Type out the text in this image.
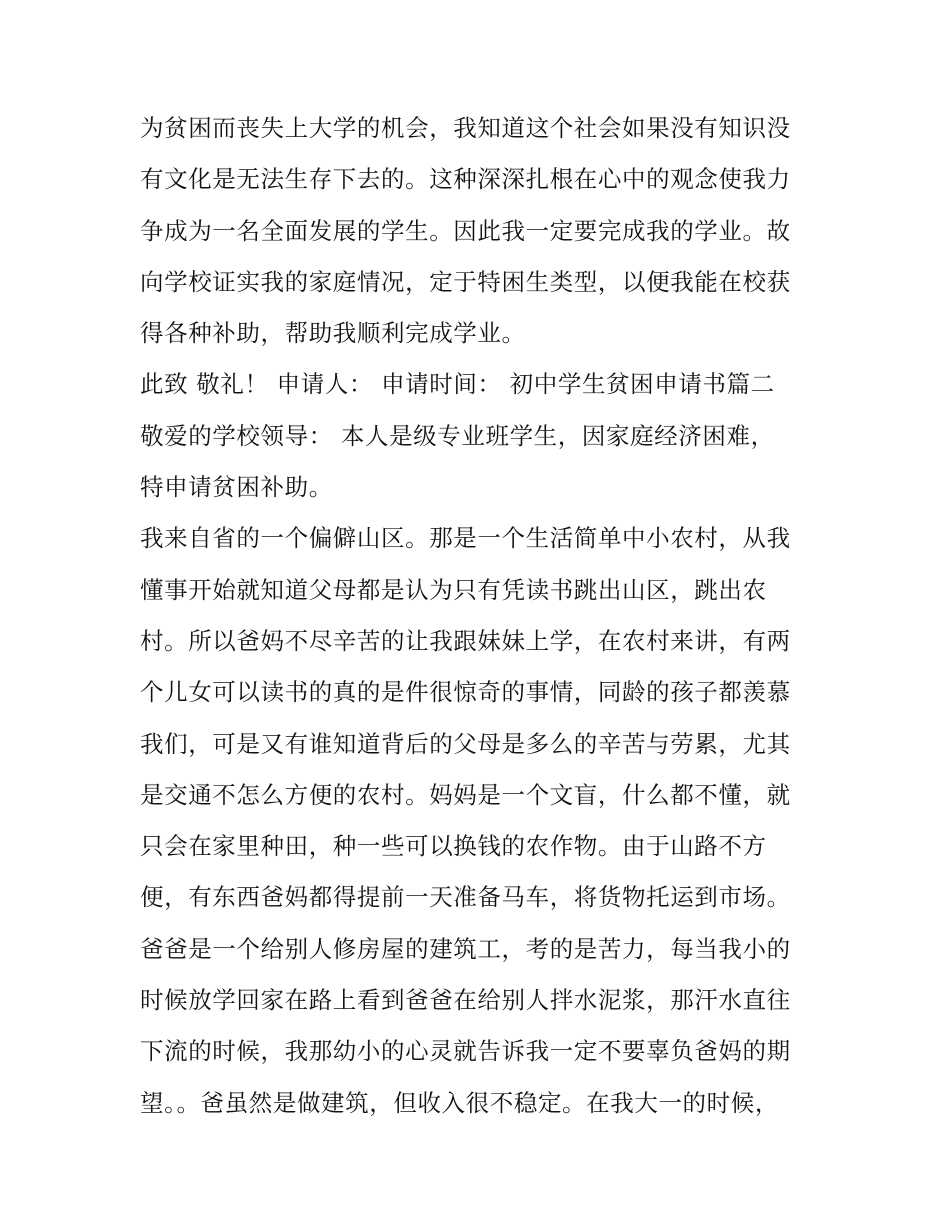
为贫困而丧失上大学的机会，我知道这个社会如果没有知识没
有文化是无法生存下去的。这种深深扎根在心中的观念使我力
争成为一名全面发展的学生。因此我一定要完成我的学业。故
向学校证实我的家庭情况，定于特困生类型，以便我能在校获
得各种补助，帮助我顺利完成学业。
此致 敬礼！ 申请人： 申请时间： 初中学生贫困申请书篇二
敬爱的学校领导： 本人是级专业班学生，因家庭经济困难，
特申请贫困补助。
我来自省的一个偏僻山区。那是一个生活简单中小农村，从我
懂事开始就知道父母都是认为只有凭读书跳出山区，跳出农
村。所以爸妈不尽辛苦的让我跟妹妹上学，在农村来讲，有两
个儿女可以读书的真的是件很惊奇的事情，同龄的孩子都羡慕
我们，可是又有谁知道背后的父母是多么的辛苦与劳累，尤其
是交通不怎么方便的农村。妈妈是一个文盲，什么都不懂，就
只会在家里种田，种一些可以换钱的农作物。由于山路不方
便，有东西爸妈都得提前一天准备马车，将货物托运到市场。
爸爸是一个给别人修房屋的建筑工，考的是苦力，每当我小的
时候放学回家在路上看到爸爸在给别人拌水泥浆，那汗水直往
下流的时候，我那幼小的心灵就告诉我一定不要辜负爸妈的期
望。。爸虽然是做建筑，但收入很不稳定。在我大一的时候，
